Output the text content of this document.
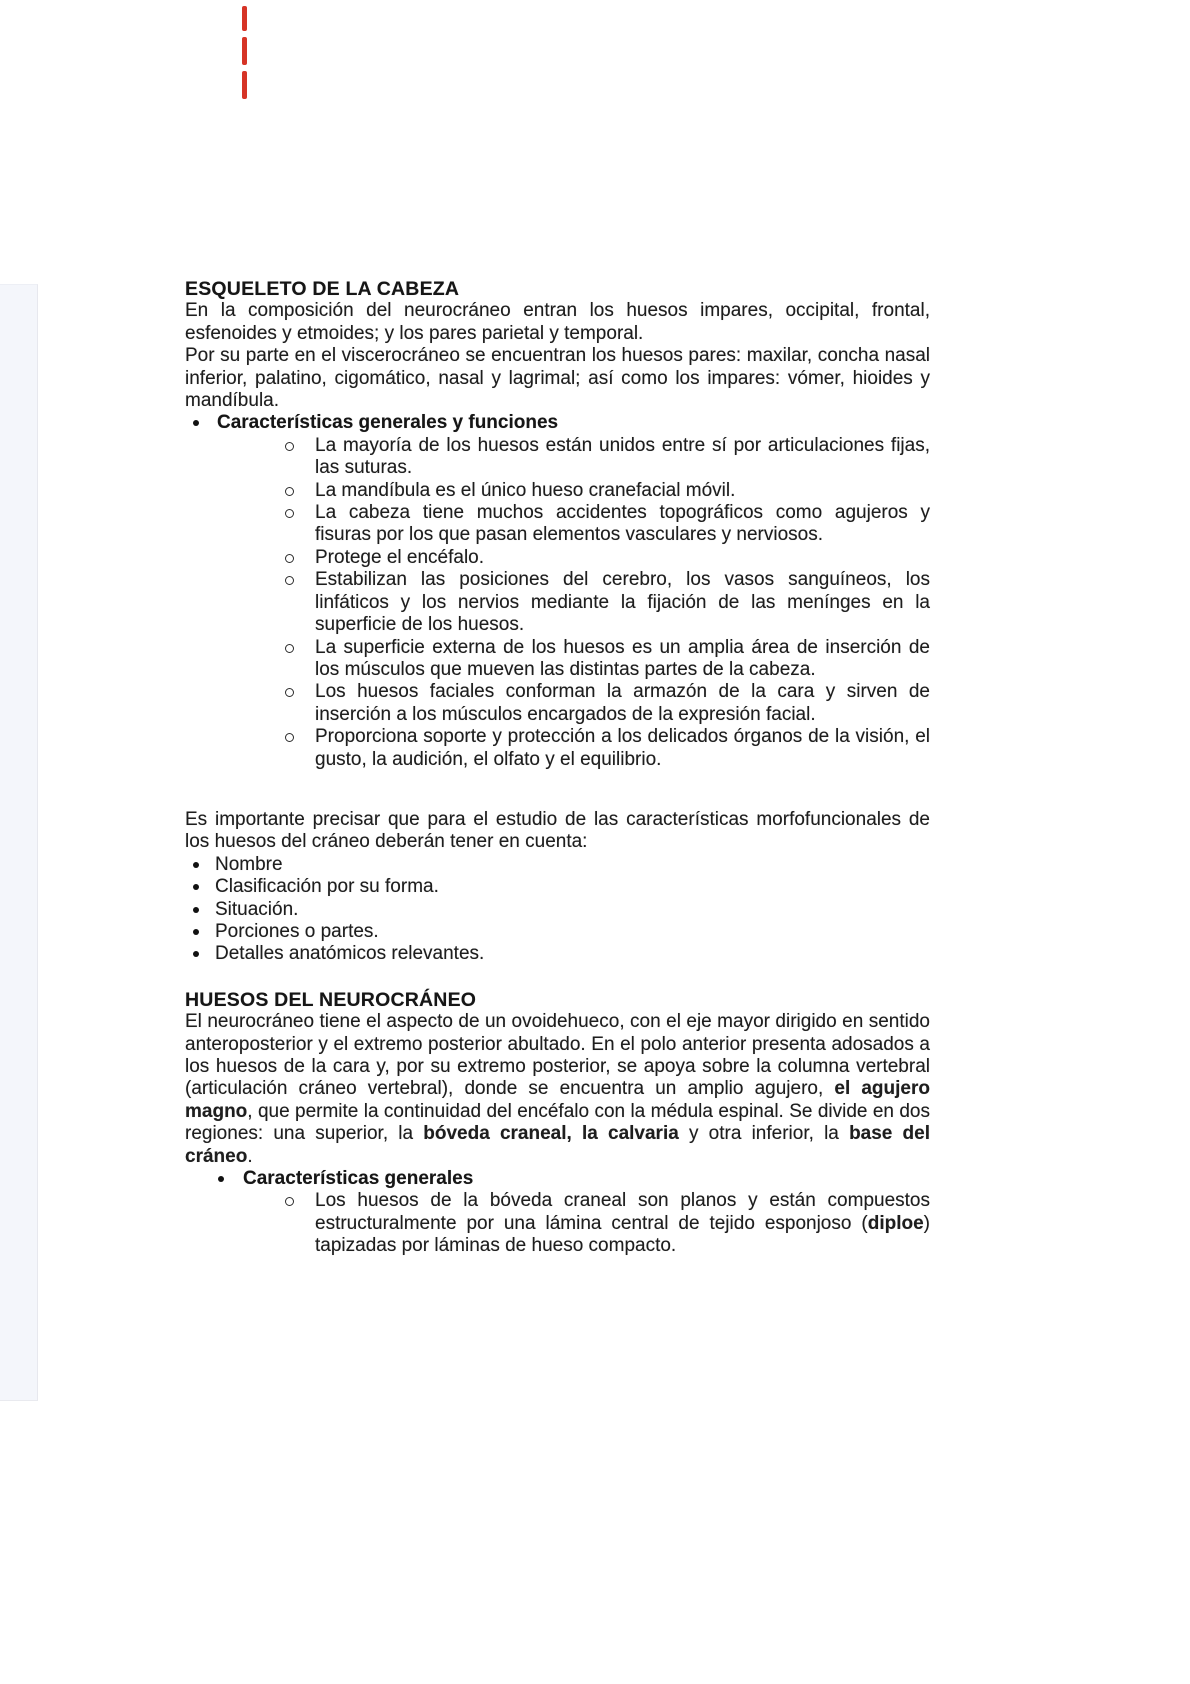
ESQUELETO DE LA CABEZA

En la composición del neurocráneo entran los huesos impares, occipital, frontal, esfenoides y etmoides; y los pares parietal y temporal.

Por su parte en el viscerocráneo se encuentran los huesos pares: maxilar, concha nasal inferior, palatino, cigomático, nasal y lagrimal; así como los impares: vómer, hioides y mandíbula.

Características generales y funciones
La mayoría de los huesos están unidos entre sí por articulaciones fijas, las suturas.
La mandíbula es el único hueso cranefacial móvil.
La cabeza tiene muchos accidentes topográficos como agujeros y fisuras por los que pasan elementos vasculares y nerviosos.
Protege el encéfalo.
Estabilizan las posiciones del cerebro, los vasos sanguíneos, los linfáticos y los nervios mediante la fijación de las menínges en la superficie de los huesos.
La superficie externa de los huesos es un amplia área de inserción de los músculos que mueven las distintas partes de la cabeza.
Los huesos faciales conforman la armazón de la cara y sirven de inserción a los músculos encargados de la expresión facial.
Proporciona soporte y protección a los delicados órganos de la visión, el gusto, la audición, el olfato y el equilibrio.

Es importante precisar que para el estudio de las características morfofuncionales de los huesos del cráneo deberán tener en cuenta:

Nombre
Clasificación por su forma.
Situación.
Porciones o partes.
Detalles anatómicos relevantes.
HUESOS DEL NEUROCRÁNEO

El neurocráneo tiene el aspecto de un ovoidehueco, con el eje mayor dirigido en sentido anteroposterior y el extremo posterior abultado. En el polo anterior presenta adosados a los huesos de la cara y, por su extremo posterior, se apoya sobre la columna vertebral (articulación cráneo vertebral), donde se encuentra un amplio agujero, el agujero magno, que permite la continuidad del encéfalo con la médula espinal. Se divide en dos regiones: una superior, la bóveda craneal, la calvaria y otra inferior, la base del cráneo.

Características generales
Los huesos de la bóveda craneal son planos y están compuestos estructuralmente por una lámina central de tejido esponjoso (diploe) tapizadas por láminas de hueso compacto.
